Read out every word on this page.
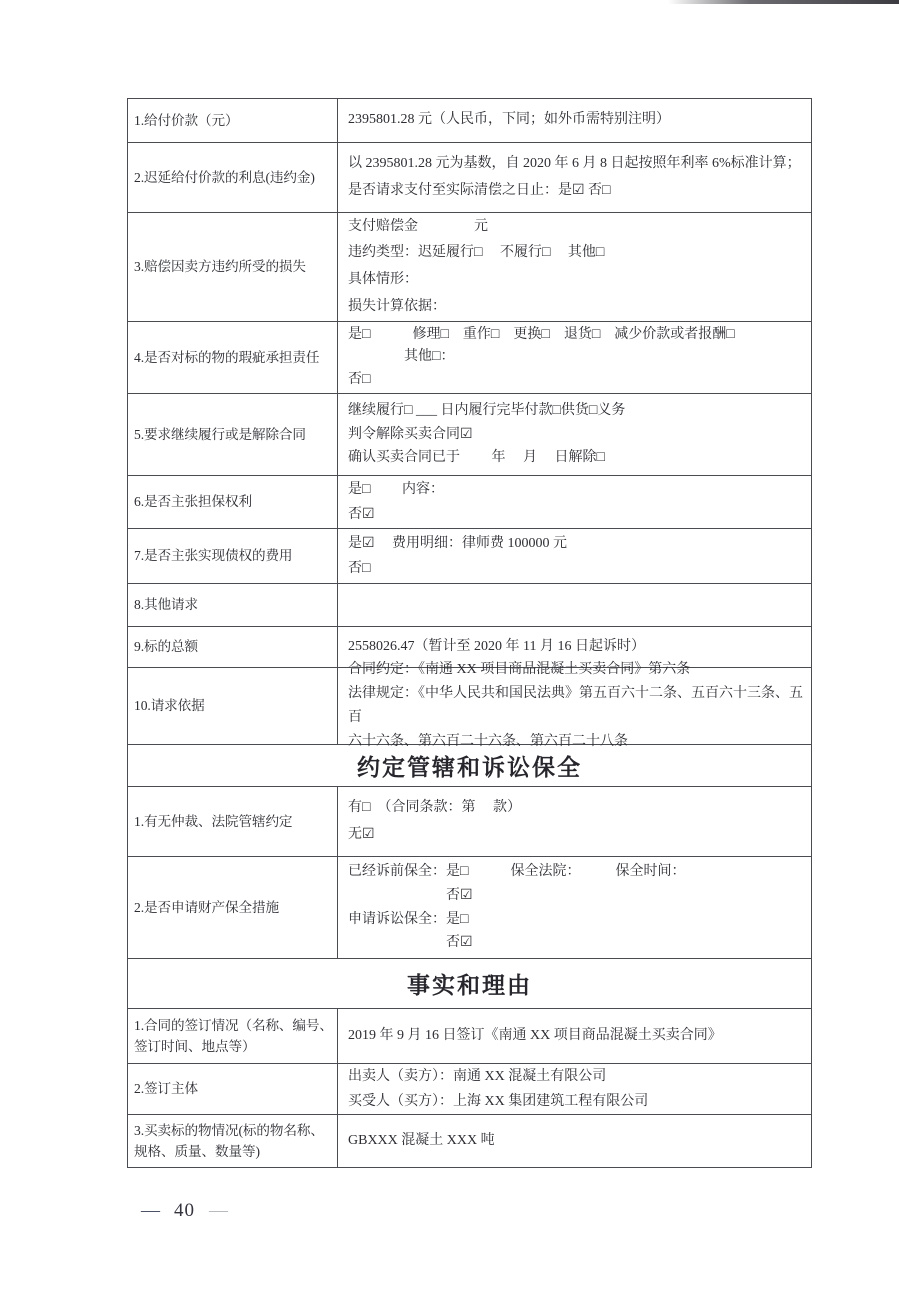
1.给付价款（元）	2395801.28 元（人民币，下同；如外币需特别注明）
2.迟延给付价款的利息(违约金)
以 2395801.28 元为基数，自 2020 年 6 月 8 日起按照年利率 6%标准计算；
是否请求支付至实际清偿之日止：是☑ 否□
3.赔偿因卖方违约所受的损失
支付赔偿金　　　　元
违约类型：迟延履行□　 不履行□　 其他□
具体情形：
损失计算依据：
4.是否对标的物的瑕疵承担责任
是□　　　修理□　重作□　更换□　退货□　减少价款或者报酬□
　　　　其他□：
否□
5.要求继续履行或是解除合同
继续履行□ ___ 日内履行完毕付款□供货□义务
判令解除买卖合同☑
确认买卖合同已于　　 年　 月　 日解除□
6.是否主张担保权利
是□　　 内容：
否☑
7.是否主张实现债权的费用
是☑　 费用明细：律师费 100000 元
否□
8.其他请求
9.标的总额	2558026.47（暂计至 2020 年 11 月 16 日起诉时）
10.请求依据
合同约定：《南通 XX 项目商品混凝土买卖合同》第六条
法律规定：《中华人民共和国民法典》第五百六十二条、五百六十三条、五百
六十六条、第六百二十六条、第六百二十八条
约定管辖和诉讼保全
1.有无仲裁、法院管辖约定
有□　（合同条款：第　 款）
无☑
2.是否申请财产保全措施
已经诉前保全：是□　　　保全法院：　　　保全时间：
　　　　　　　否☑
申请诉讼保全：是□
　　　　　　　否☑
事实和理由
1.合同的签订情况（名称、编号、
签订时间、地点等）
2019 年 9 月 16 日签订《南通 XX 项目商品混凝土买卖合同》
2.签订主体
出卖人（卖方）：南通 XX 混凝土有限公司
买受人（买方）：上海 XX 集团建筑工程有限公司
3.买卖标的物情况(标的物名称、
规格、质量、数量等)
GBXXX 混凝土 XXX 吨
— 40 —
